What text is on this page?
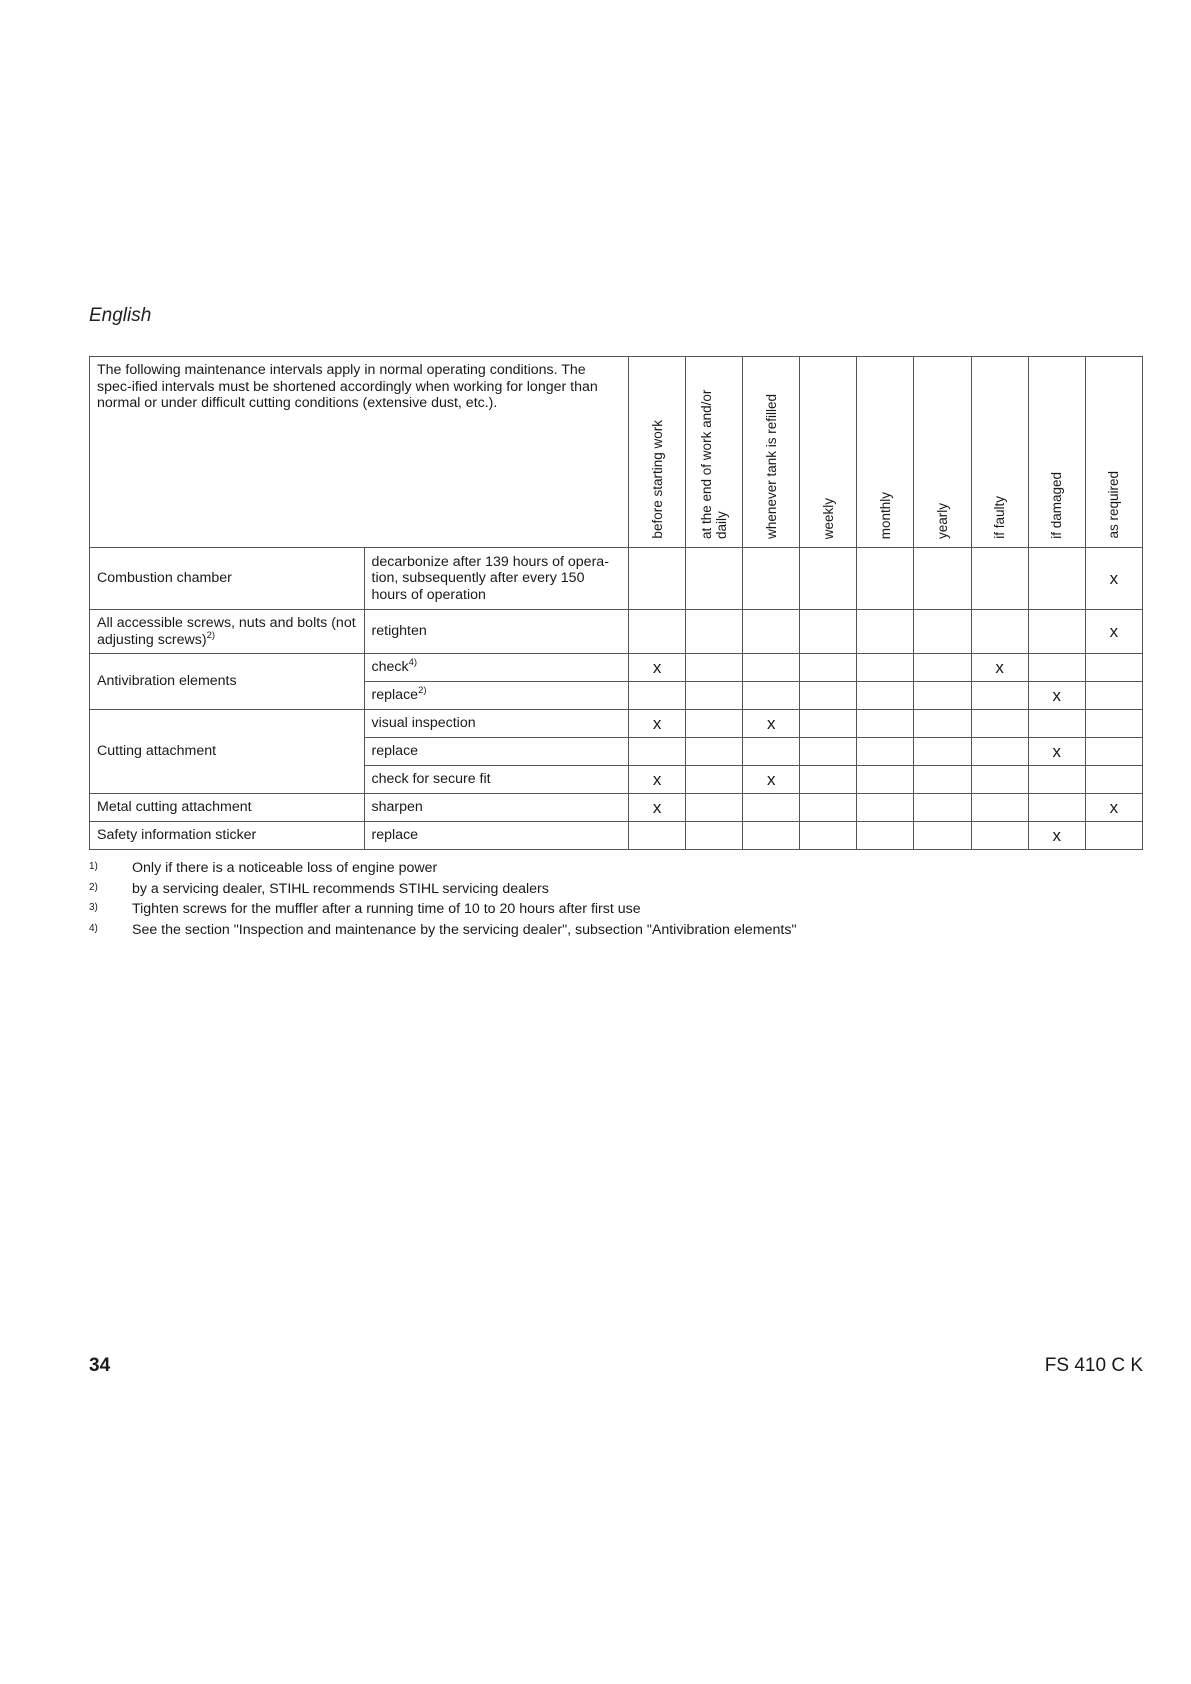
English
The following maintenance intervals apply in normal operating conditions. The spec-ified intervals must be shortened accordingly when working for longer than normal or under difficult cutting conditions (extensive dust, etc.).		before starting work	at the end of work and/or daily	whenever tank is refilled	weekly	monthly	yearly	if faulty	if damaged	as required

Combustion chamber	decarbonize after 139 hours of opera-tion, subsequently after every 150 hours of operation									x
All accessible screws, nuts and bolts (not adjusting screws)$^{2)}$	retighten									x
Antivibration elements	check$^{4)}$	x						x		
	replace$^{2)}$								x	
Cutting attachment	visual inspection	x		x						
	replace								x	
	check for secure fit	x		x						
Metal cutting attachment	sharpen	x								x
Safety information sticker	replace								x	
1)	Only if there is a noticeable loss of engine power
2)	by a servicing dealer, STIHL recommends STIHL servicing dealers
3)	Tighten screws for the muffler after a running time of 10 to 20 hours after first use
4)	See the section "Inspection and maintenance by the servicing dealer", subsection "Antivibration elements"
34	FS 410 C K
